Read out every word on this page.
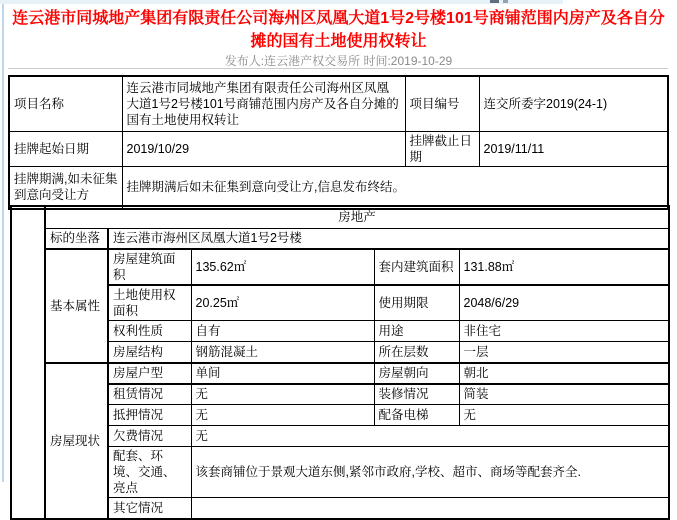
连云港市同城地产集团有限责任公司海州区凤凰大道1号2号楼101号商铺范围内房产及各自分摊的国有土地使用权转让
发布人:连云港产权交易所 时间:2019-10-29
项目名称	连云港市同城地产集团有限责任公司海州区凤凰大道1号2号楼101号商铺范围内房产及各自分摊的国有土地使用权转让	项目编号	连交所委字2019(24-1)
挂牌起始日期	2019/10/29	挂牌截止日期	2019/11/11
挂牌期满,如未征集到意向受让方	挂牌期满后如未征集到意向受让方,信息发布终结。		
	房地产				
	标的坐落	连云港市海州区凤凰大道1号2号楼			
	基本属性	房屋建筑面积	135.62㎡	套内建筑面积	131.88㎡
		土地使用权面积	20.25㎡	使用期限	2048/6/29
		权利性质	自有	用途	非住宅
		房屋结构	钢筋混凝土	所在层数	一层
	房屋现状	房屋户型	单间	房屋朝向	朝北
		租赁情况	无	装修情况	简装
		抵押情况	无	配备电梯	无
		欠费情况	无		
		配套、环境、交通、亮点	该套商铺位于景观大道东侧,紧邻市政府,学校、超市、商场等配套齐全.		
		其它情况			
